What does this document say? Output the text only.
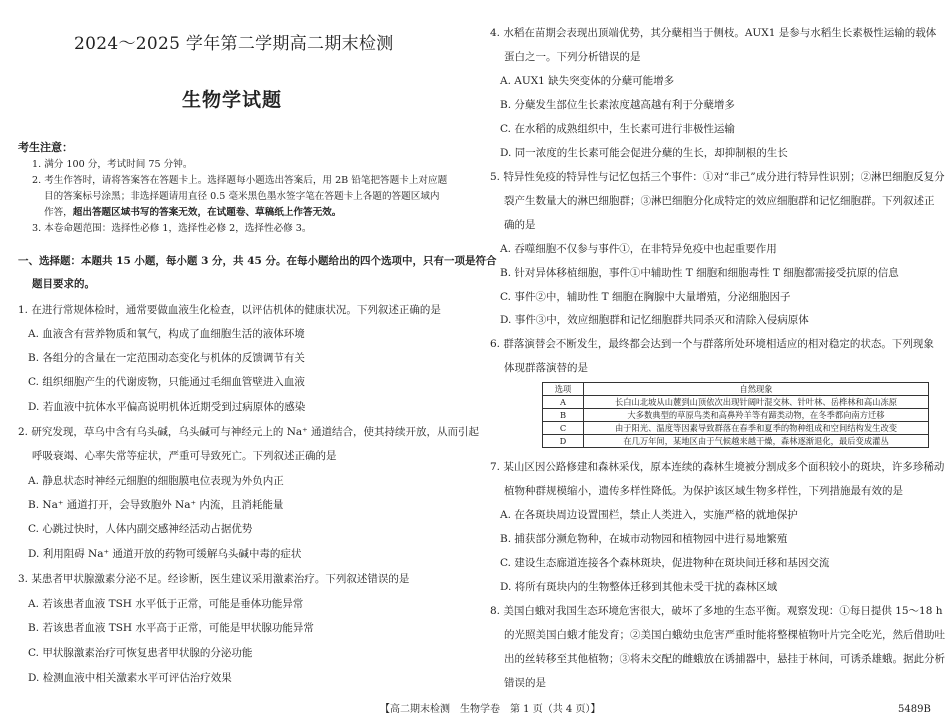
2024～2025 学年第二学期高二期末检测
生物学试题
考生注意：
1. 满分 100 分，考试时间 75 分钟。
2. 考生作答时，请将答案答在答题卡上。选择题每小题选出答案后，用 2B 铅笔把答题卡上对应题
目的答案标号涂黑；非选择题请用直径 0.5 毫米黑色墨水签字笔在答题卡上各题的答题区域内
作答，超出答题区域书写的答案无效，在试题卷、草稿纸上作答无效。
3. 本卷命题范围：选择性必修 1，选择性必修 2，选择性必修 3。
一、选择题：本题共 15 小题，每小题 3 分，共 45 分。在每小题给出的四个选项中，只有一项是符合
题目要求的。
1. 在进行常规体检时，通常要做血液生化检查，以评估机体的健康状况。下列叙述正确的是
A. 血液含有营养物质和氧气，构成了血细胞生活的液体环境
B. 各组分的含量在一定范围动态变化与机体的反馈调节有关
C. 组织细胞产生的代谢废物，只能通过毛细血管壁进入血液
D. 若血液中抗体水平偏高说明机体近期受到过病原体的感染
2. 研究发现，草乌中含有乌头碱，乌头碱可与神经元上的 Na⁺ 通道结合，使其持续开放，从而引起
呼吸衰竭、心率失常等症状，严重可导致死亡。下列叙述正确的是
A. 静息状态时神经元细胞的细胞膜电位表现为外负内正
B. Na⁺ 通道打开，会导致胞外 Na⁺ 内流，且消耗能量
C. 心跳过快时，人体内副交感神经活动占据优势
D. 利用阻碍 Na⁺ 通道开放的药物可缓解乌头碱中毒的症状
3. 某患者甲状腺激素分泌不足。经诊断，医生建议采用激素治疗。下列叙述错误的是
A. 若该患者血液 TSH 水平低于正常，可能是垂体功能异常
B. 若该患者血液 TSH 水平高于正常，可能是甲状腺功能异常
C. 甲状腺激素治疗可恢复患者甲状腺的分泌功能
D. 检测血液中相关激素水平可评估治疗效果
4. 水稻在苗期会表现出顶端优势，其分蘖相当于侧枝。AUX1 是参与水稻生长素极性运输的载体
蛋白之一。下列分析错误的是
A. AUX1 缺失突变体的分蘖可能增多
B. 分蘖发生部位生长素浓度越高越有利于分蘖增多
C. 在水稻的成熟组织中，生长素可进行非极性运输
D. 同一浓度的生长素可能会促进分蘖的生长，却抑制根的生长
5. 特异性免疫的特异性与记忆包括三个事件：①对“非己”成分进行特异性识别；②淋巴细胞反复分
裂产生数量大的淋巴细胞群；③淋巴细胞分化成特定的效应细胞群和记忆细胞群。下列叙述正
确的是
A. 吞噬细胞不仅参与事件①，在非特异免疫中也起重要作用
B. 针对异体移植细胞，事件①中辅助性 T 细胞和细胞毒性 T 细胞都需接受抗原的信息
C. 事件②中，辅助性 T 细胞在胸腺中大量增殖，分泌细胞因子
D. 事件③中，效应细胞群和记忆细胞群共同杀灭和清除入侵病原体
6. 群落演替会不断发生，最终都会达到一个与群落所处环境相适应的相对稳定的状态。下列现象
体现群落演替的是
选项	自然现象
A	长白山北坡从山麓到山顶依次出现针阔叶混交林、针叶林、岳桦林和高山冻原
B	大多数典型的草原鸟类和高鼻羚羊等有蹄类动物，在冬季都向南方迁移
C	由于阳光、温度等因素导致群落在春季和夏季的物种组成和空间结构发生改变
D	在几万年间，某地区由于气候越来越干燥，森林逐渐退化，最后变成灌丛
7. 某山区因公路修建和森林采伐，原本连续的森林生境被分割成多个面积较小的斑块，许多珍稀动
植物种群规模缩小，遗传多样性降低。为保护该区域生物多样性，下列措施最有效的是
A. 在各斑块周边设置围栏，禁止人类进入，实施严格的就地保护
B. 捕获部分濒危物种，在城市动物园和植物园中进行易地繁殖
C. 建设生态廊道连接各个森林斑块，促进物种在斑块间迁移和基因交流
D. 将所有斑块内的生物整体迁移到其他未受干扰的森林区域
8. 美国白蛾对我国生态环境危害很大，破坏了多地的生态平衡。观察发现：①每日提供 15～18 h
的光照美国白蛾才能发育；②美国白蛾幼虫危害严重时能将整棵植物叶片完全吃光，然后借助吐
出的丝转移至其他植物；③将未交配的雌蛾放在诱捕器中，悬挂于林间，可诱杀雄蛾。据此分析
错误的是
【高二期末检测　生物学卷　第 1 页（共 4 页）】	5489B
